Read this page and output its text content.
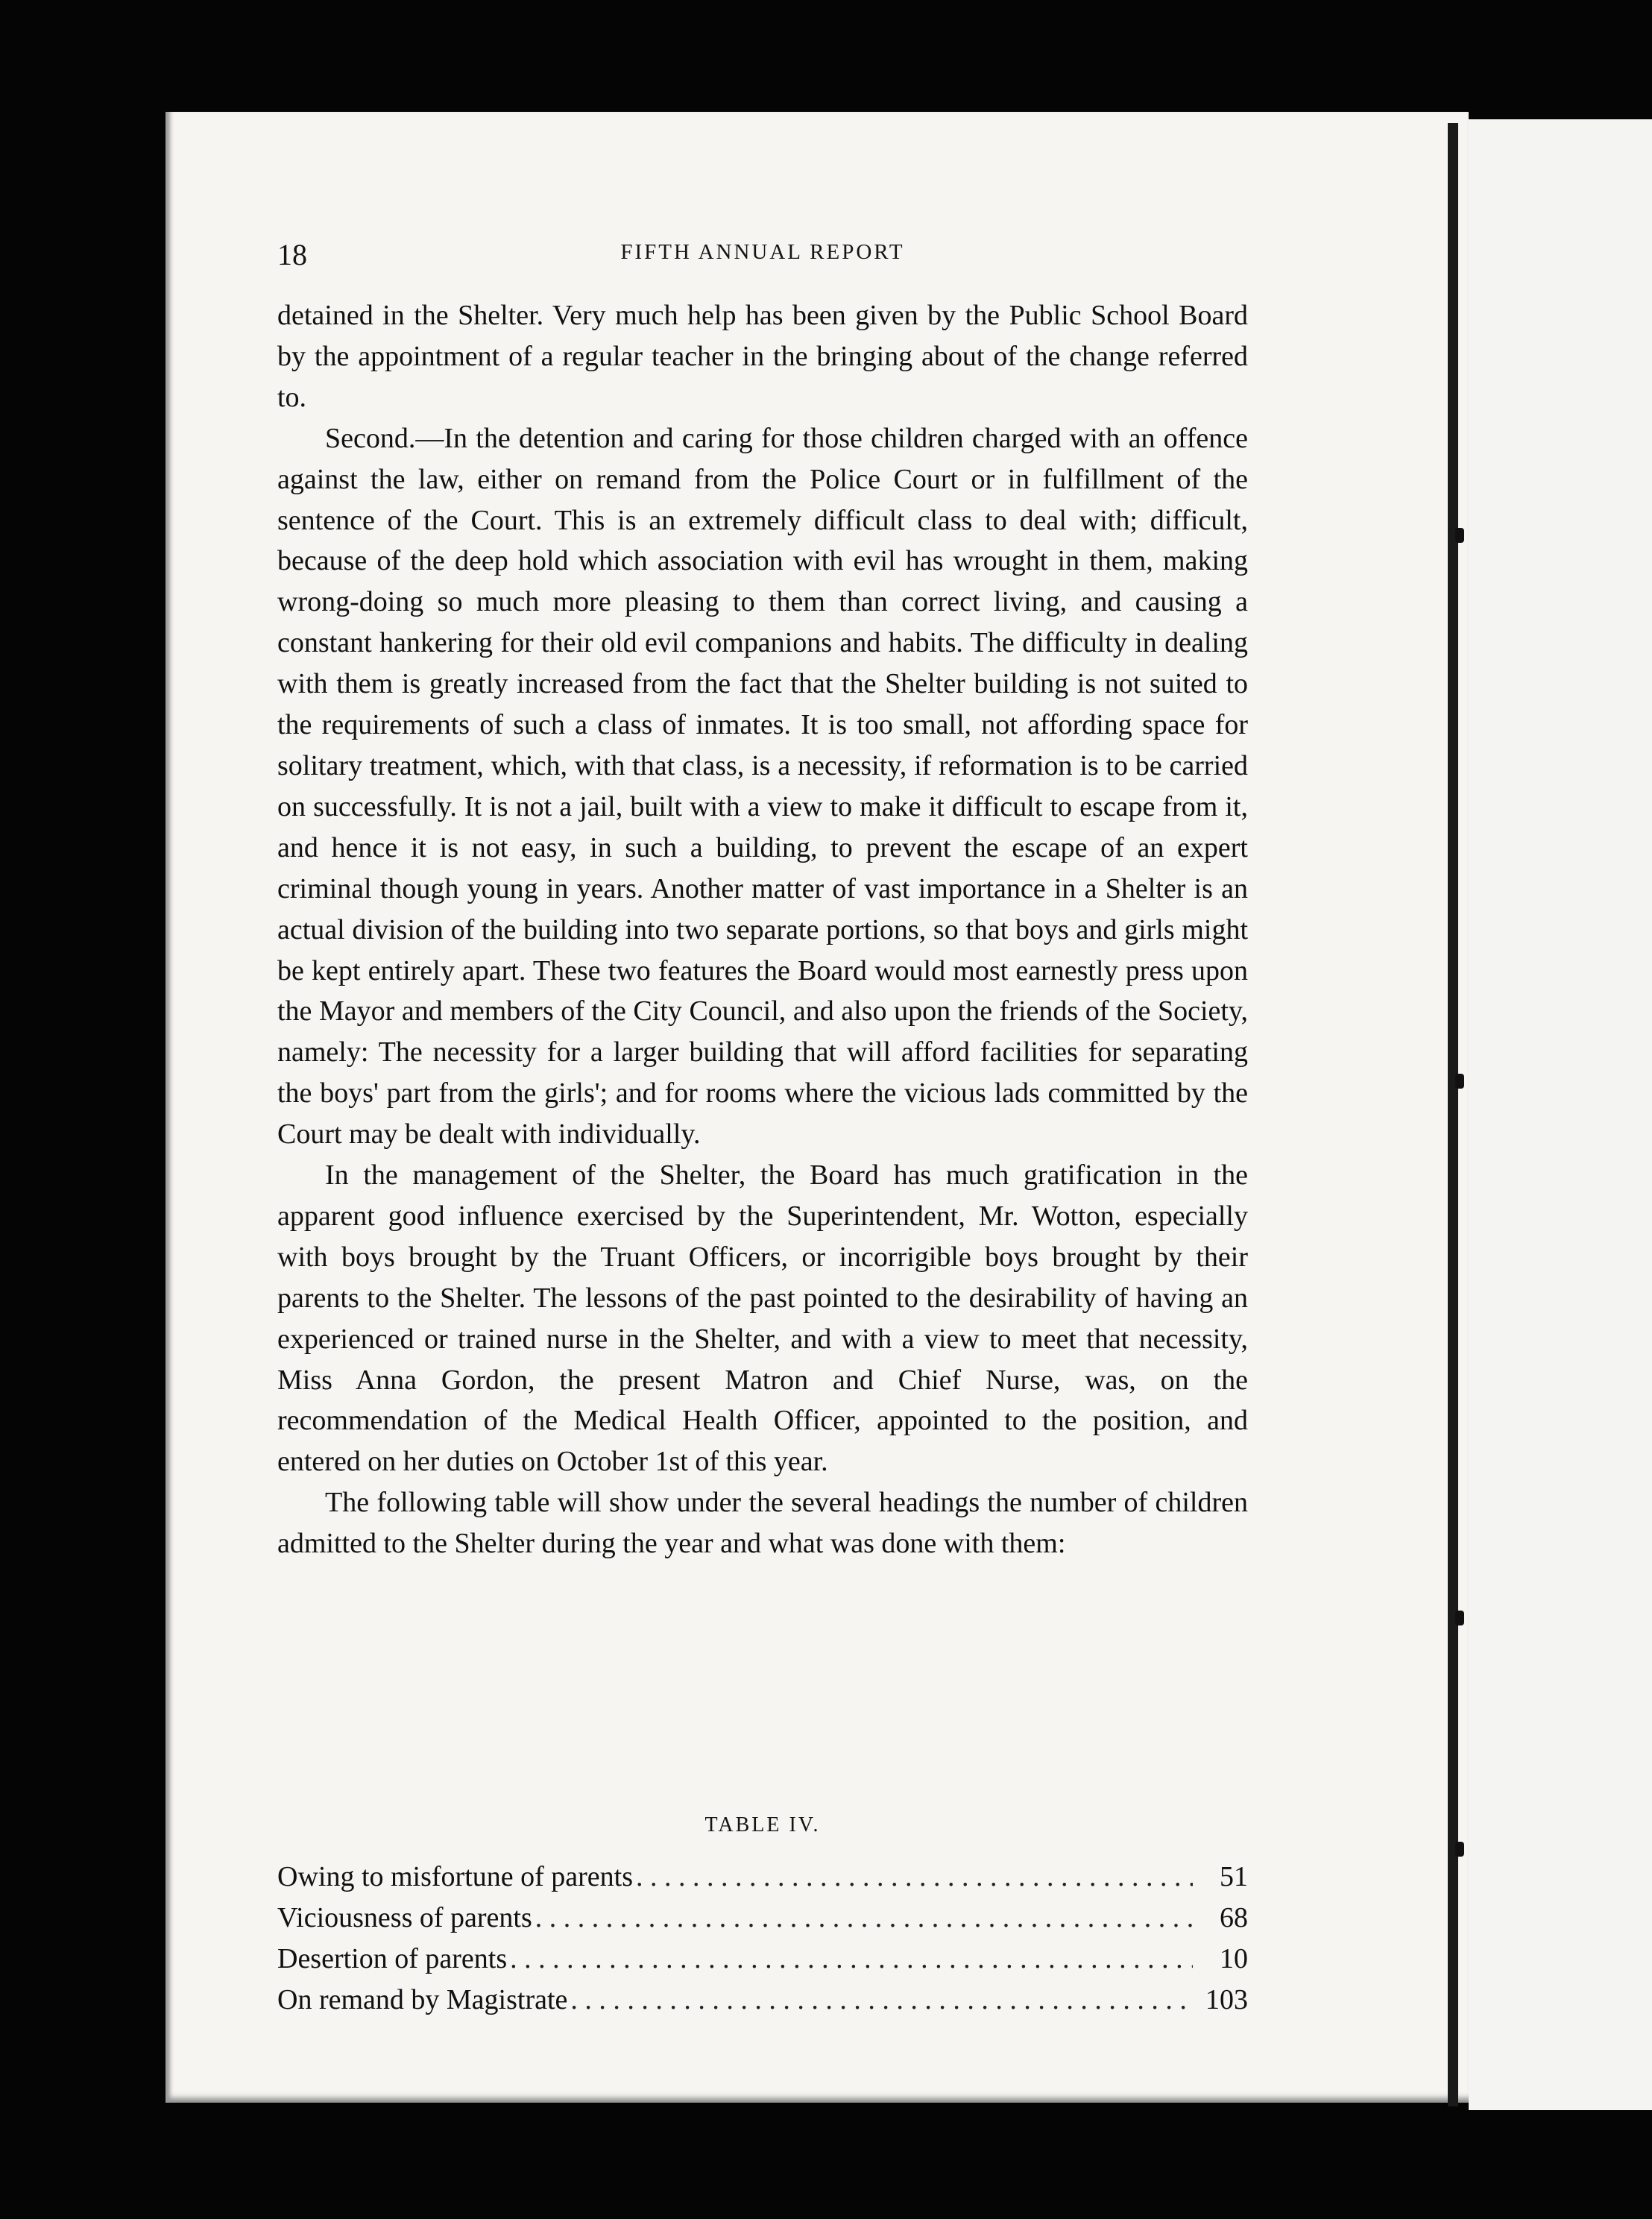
18	FIFTH ANNUAL REPORT

detained in the Shelter. Very much help has been given by the Public School Board by the appointment of a regular teacher in the bringing about of the change referred to.

Second.—In the detention and caring for those children charged with an offence against the law, either on remand from the Police Court or in fulfillment of the sentence of the Court. This is an extremely difficult class to deal with; difficult, because of the deep hold which association with evil has wrought in them, making wrong-doing so much more pleasing to them than correct living, and causing a constant hankering for their old evil companions and habits. The difficulty in dealing with them is greatly increased from the fact that the Shelter building is not suited to the requirements of such a class of inmates. It is too small, not affording space for solitary treatment, which, with that class, is a necessity, if reformation is to be carried on successfully. It is not a jail, built with a view to make it difficult to escape from it, and hence it is not easy, in such a building, to prevent the escape of an expert criminal though young in years. Another matter of vast importance in a Shelter is an actual division of the building into two separate portions, so that boys and girls might be kept entirely apart. These two features the Board would most earnestly press upon the Mayor and members of the City Council, and also upon the friends of the Society, namely: The necessity for a larger building that will afford facilities for separating the boys' part from the girls'; and for rooms where the vicious lads committed by the Court may be dealt with individually.

In the management of the Shelter, the Board has much gratification in the apparent good influence exercised by the Superintendent, Mr. Wotton, especially with boys brought by the Truant Officers, or incorrigible boys brought by their parents to the Shelter. The lessons of the past pointed to the desirability of having an experienced or trained nurse in the Shelter, and with a view to meet that necessity, Miss Anna Gordon, the present Matron and Chief Nurse, was, on the recommendation of the Medical Health Officer, appointed to the position, and entered on her duties on October 1st of this year.

The following table will show under the several headings the number of children admitted to the Shelter during the year and what was done with them:

TABLE IV.
Owing to misfortune of parents . . .	51
Viciousness of parents . . .	68
Desertion of parents . . .	10
On remand by Magistrate . . .	103
